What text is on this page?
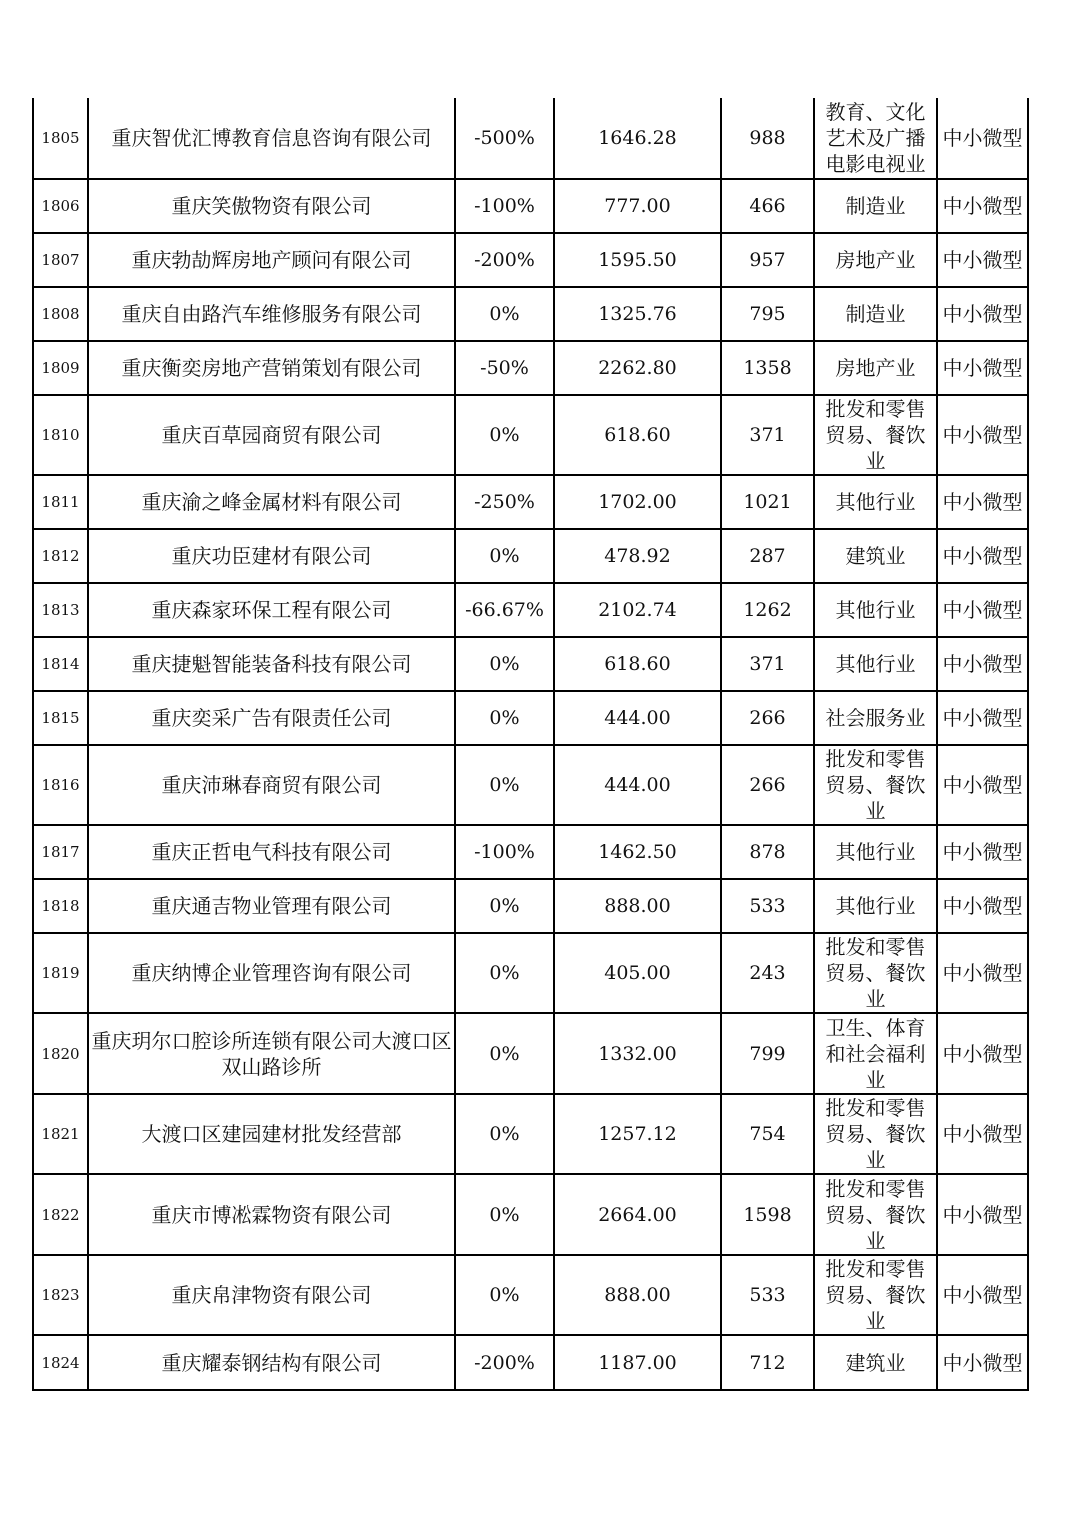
1805	重庆智优汇博教育信息咨询有限公司	-500%	1646.28	988	教育、文化艺术及广播电影电视业	中小微型

1806	重庆笑傲物资有限公司	-100%	777.00	466	制造业	中小微型

1807	重庆勃劼辉房地产顾问有限公司	-200%	1595.50	957	房地产业	中小微型

1808	重庆自由路汽车维修服务有限公司	0%	1325.76	795	制造业	中小微型

1809	重庆衡奕房地产营销策划有限公司	-50%	2262.80	1358	房地产业	中小微型

1810	重庆百草园商贸有限公司	0%	618.60	371	批发和零售贸易、餐饮业	中小微型

1811	重庆渝之峰金属材料有限公司	-250%	1702.00	1021	其他行业	中小微型

1812	重庆功臣建材有限公司	0%	478.92	287	建筑业	中小微型

1813	重庆森家环保工程有限公司	-66.67%	2102.74	1262	其他行业	中小微型

1814	重庆捷魁智能装备科技有限公司	0%	618.60	371	其他行业	中小微型

1815	重庆奕采广告有限责任公司	0%	444.00	266	社会服务业	中小微型

1816	重庆沛琳春商贸有限公司	0%	444.00	266	批发和零售贸易、餐饮业	中小微型

1817	重庆正哲电气科技有限公司	-100%	1462.50	878	其他行业	中小微型

1818	重庆通吉物业管理有限公司	0%	888.00	533	其他行业	中小微型

1819	重庆纳博企业管理咨询有限公司	0%	405.00	243	批发和零售贸易、餐饮业	中小微型

1820	重庆玥尔口腔诊所连锁有限公司大渡口区双山路诊所	0%	1332.00	799	卫生、体育和社会福利业	中小微型

1821	大渡口区建园建材批发经营部	0%	1257.12	754	批发和零售贸易、餐饮业	中小微型

1822	重庆市博凇霖物资有限公司	0%	2664.00	1598	批发和零售贸易、餐饮业	中小微型

1823	重庆帛津物资有限公司	0%	888.00	533	批发和零售贸易、餐饮业	中小微型

1824	重庆耀泰钢结构有限公司	-200%	1187.00	712	建筑业	中小微型
